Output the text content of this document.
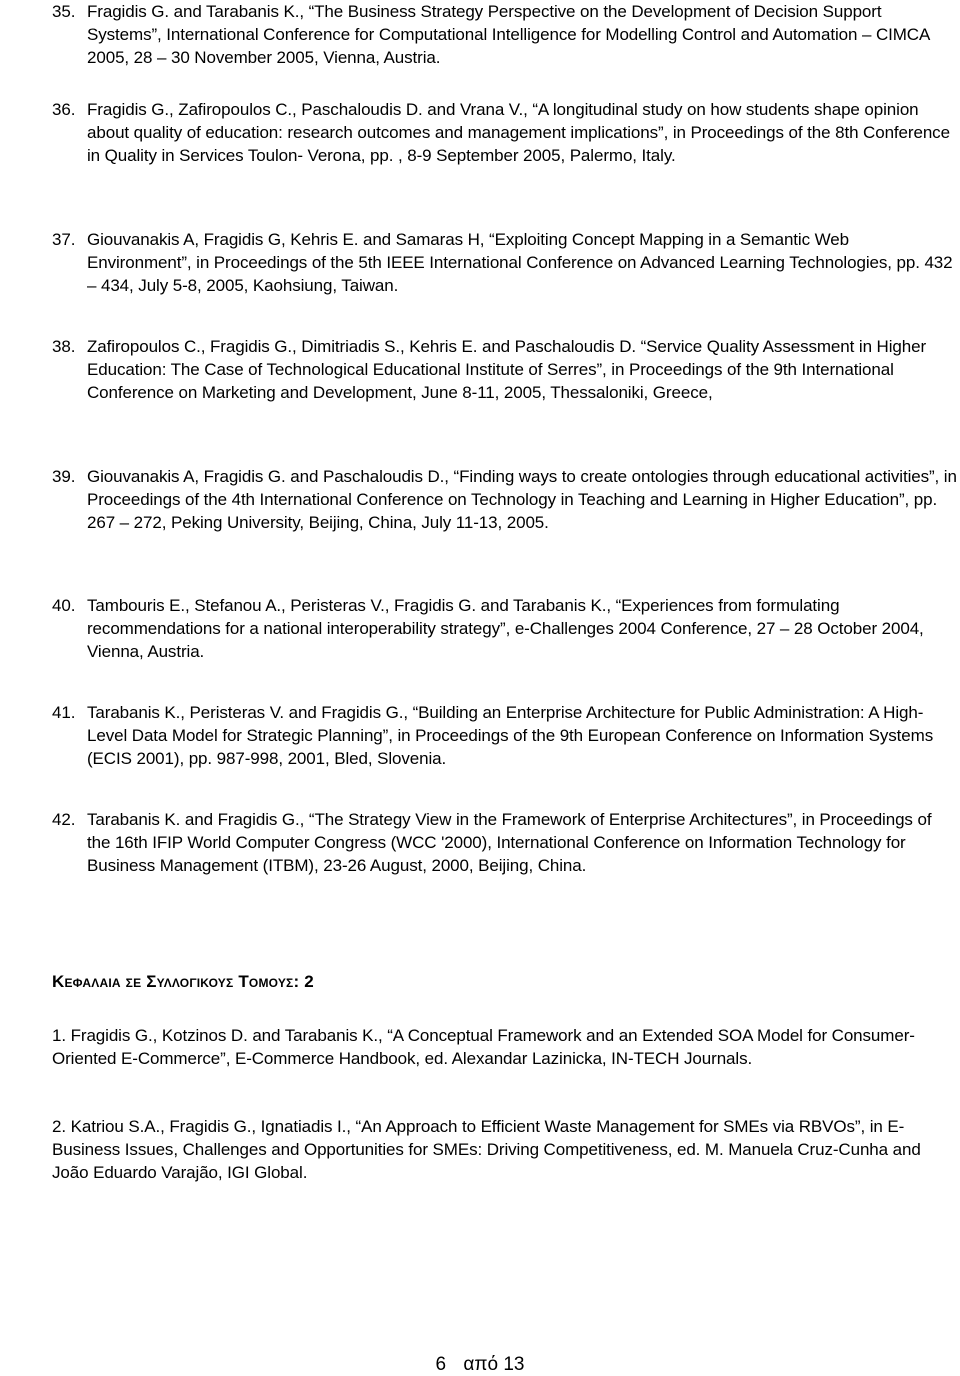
35. Fragidis G. and Tarabanis K., “The Business Strategy Perspective on the Development of Decision Support Systems”, International Conference for Computational Intelligence for Modelling Control and Automation – CIMCA 2005, 28 – 30 November 2005, Vienna, Austria.
36. Fragidis G., Zafiropoulos C., Paschaloudis D. and Vrana V., “A longitudinal study on how students shape opinion about quality of education: research outcomes and management implications”, in Proceedings of the 8th Conference in Quality in Services Toulon- Verona, pp. , 8-9 September 2005, Palermo, Italy.
37. Giouvanakis A, Fragidis G, Kehris E. and Samaras H, “Exploiting Concept Mapping in a Semantic Web Environment”, in Proceedings of the 5th IEEE International Conference on Advanced Learning Technologies, pp. 432 – 434, July 5-8, 2005, Kaohsiung, Taiwan.
38. Zafiropoulos C., Fragidis G., Dimitriadis S., Kehris E. and Paschaloudis D. “Service Quality Assessment in Higher Education: The Case of Technological Educational Institute of Serres”, in Proceedings of the 9th International Conference on Marketing and Development, June 8-11, 2005, Thessaloniki, Greece,
39. Giouvanakis A, Fragidis G. and Paschaloudis D., “Finding ways to create ontologies through educational activities”, in Proceedings of the 4th International Conference on Technology in Teaching and Learning in Higher Education”, pp. 267 – 272, Peking University, Beijing, China, July 11-13, 2005.
40. Tambouris E., Stefanou A., Peristeras V., Fragidis G. and Tarabanis K., “Experiences from formulating recommendations for a national interoperability strategy”, e-Challenges 2004 Conference, 27 – 28 October 2004, Vienna, Austria.
41. Tarabanis K., Peristeras V. and Fragidis G., “Building an Enterprise Architecture for Public Administration: A High-Level Data Model for Strategic Planning”, in Proceedings of the 9th European Conference on Information Systems (ECIS 2001), pp. 987-998, 2001, Bled, Slovenia.
42. Tarabanis K. and Fragidis G., “The Strategy View in the Framework of Enterprise Architectures”, in Proceedings of the 16th IFIP World Computer Congress (WCC '2000), International Conference on Information Technology for Business Management (ITBM), 23-26 August, 2000, Beijing, China.
Κεφαλαια σε Συλλογικους Τομους: 2
1. Fragidis G., Kotzinos D. and Tarabanis K., “A Conceptual Framework and an Extended SOA Model for Consumer-Oriented E-Commerce”, E-Commerce Handbook, ed. Alexandar Lazinicka, IN-TECH Journals.
2. Katriou S.A., Fragidis G., Ignatiadis I., “An Approach to Efficient Waste Management for SMEs via RBVOs”, in E-Business Issues, Challenges and Opportunities for SMEs: Driving Competitiveness, ed. M. Manuela Cruz-Cunha and João Eduardo Varajão, IGI Global.
6 από 13
